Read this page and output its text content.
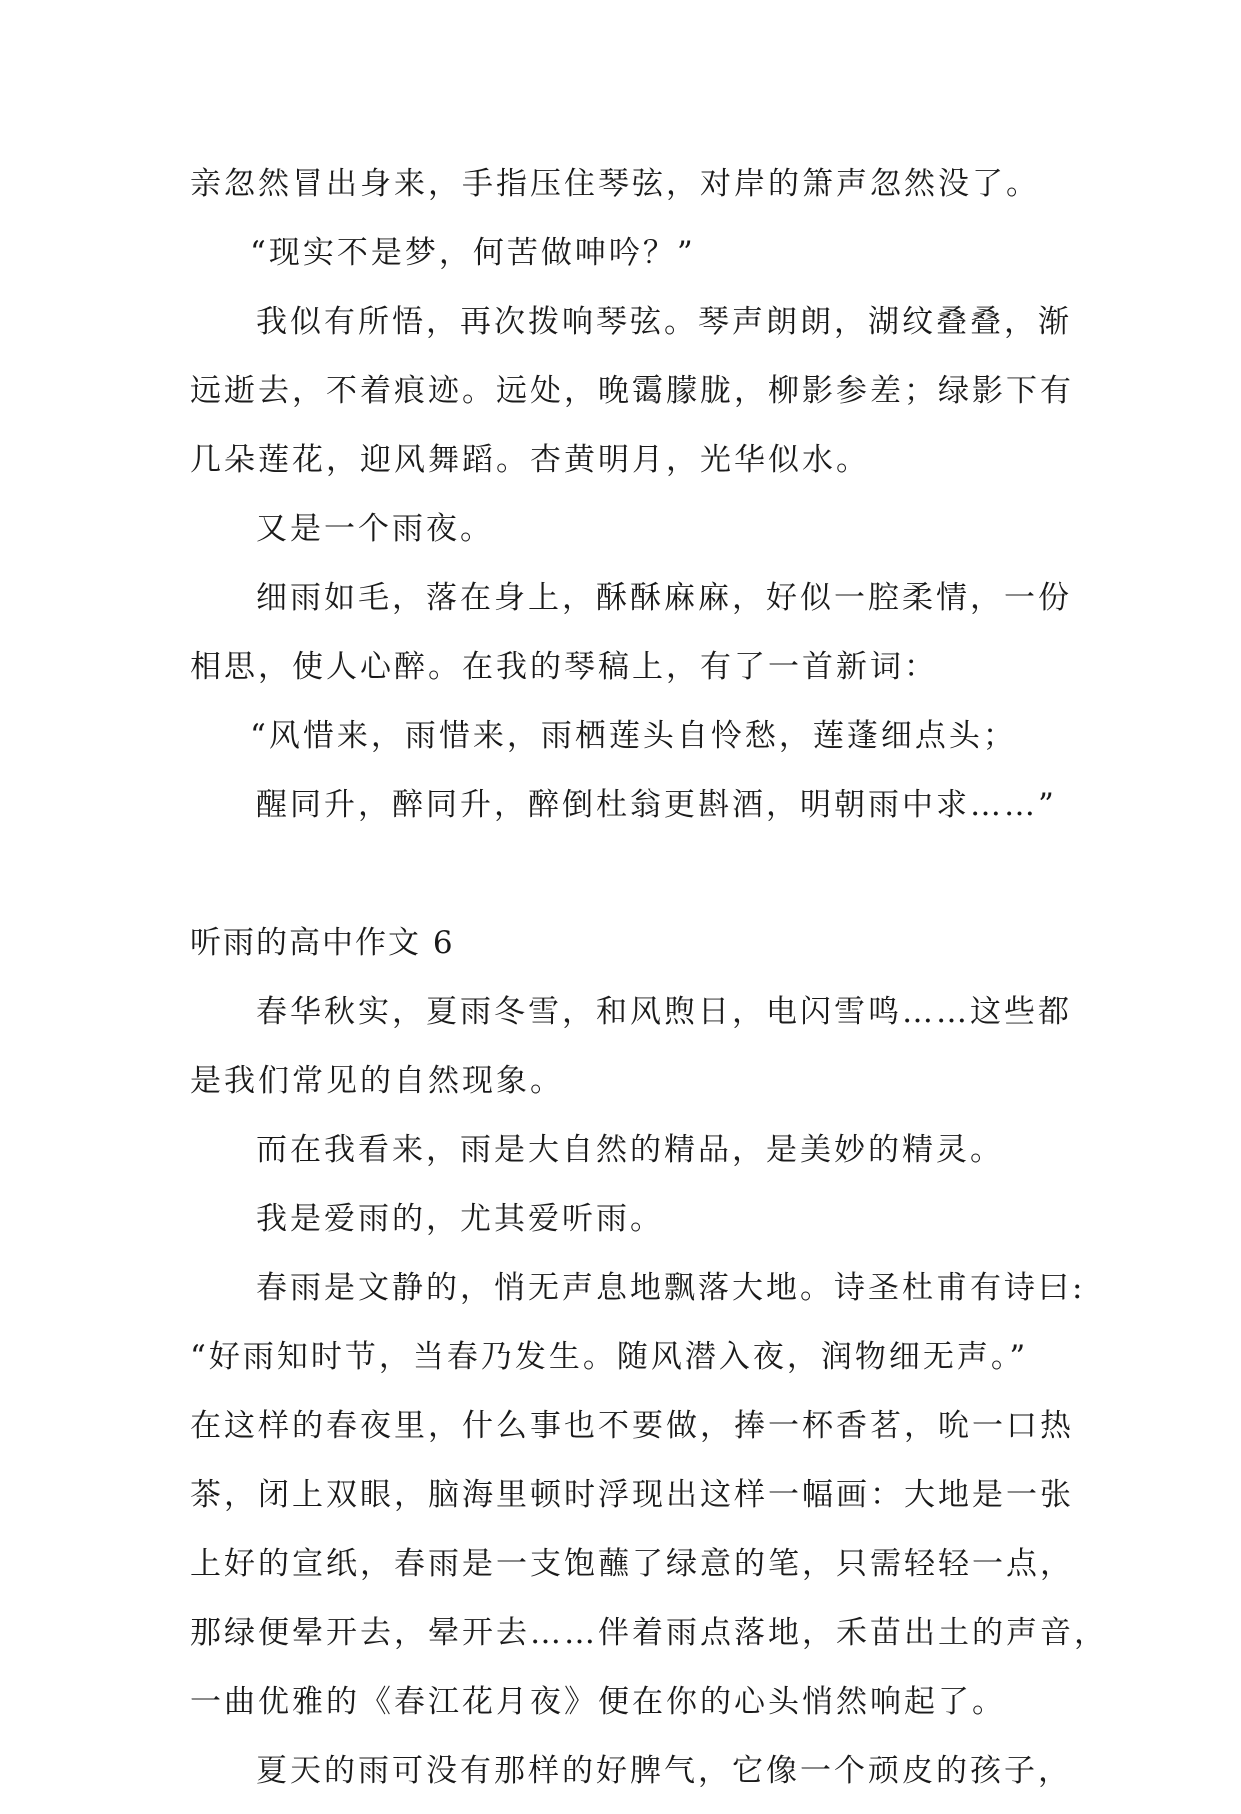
亲忽然冒出身来，手指压住琴弦，对岸的箫声忽然没了。
“现实不是梦，何苦做呻吟？”
我似有所悟，再次拨响琴弦。琴声朗朗，湖纹叠叠，渐
远逝去，不着痕迹。远处，晚霭朦胧，柳影参差；绿影下有
几朵莲花，迎风舞蹈。杏黄明月，光华似水。
又是一个雨夜。
细雨如毛，落在身上，酥酥麻麻，好似一腔柔情，一份
相思，使人心醉。在我的琴稿上，有了一首新词：
“风惜来，雨惜来，雨栖莲头自怜愁，莲蓬细点头；
醒同升，醉同升，醉倒杜翁更斟酒，明朝雨中求……”
听雨的高中作文 6
春华秋实，夏雨冬雪，和风煦日，电闪雪鸣……这些都
是我们常见的自然现象。
而在我看来，雨是大自然的精品，是美妙的精灵。
我是爱雨的，尤其爱听雨。
春雨是文静的，悄无声息地飘落大地。诗圣杜甫有诗曰:
“好雨知时节，当春乃发生。随风潜入夜，润物细无声。”
在这样的春夜里，什么事也不要做，捧一杯香茗，吮一口热
茶，闭上双眼，脑海里顿时浮现出这样一幅画：大地是一张
上好的宣纸，春雨是一支饱蘸了绿意的笔，只需轻轻一点，
那绿便晕开去，晕开去……伴着雨点落地，禾苗出土的声音，
一曲优雅的《春江花月夜》便在你的心头悄然响起了。
夏天的雨可没有那样的好脾气，它像一个顽皮的孩子，
